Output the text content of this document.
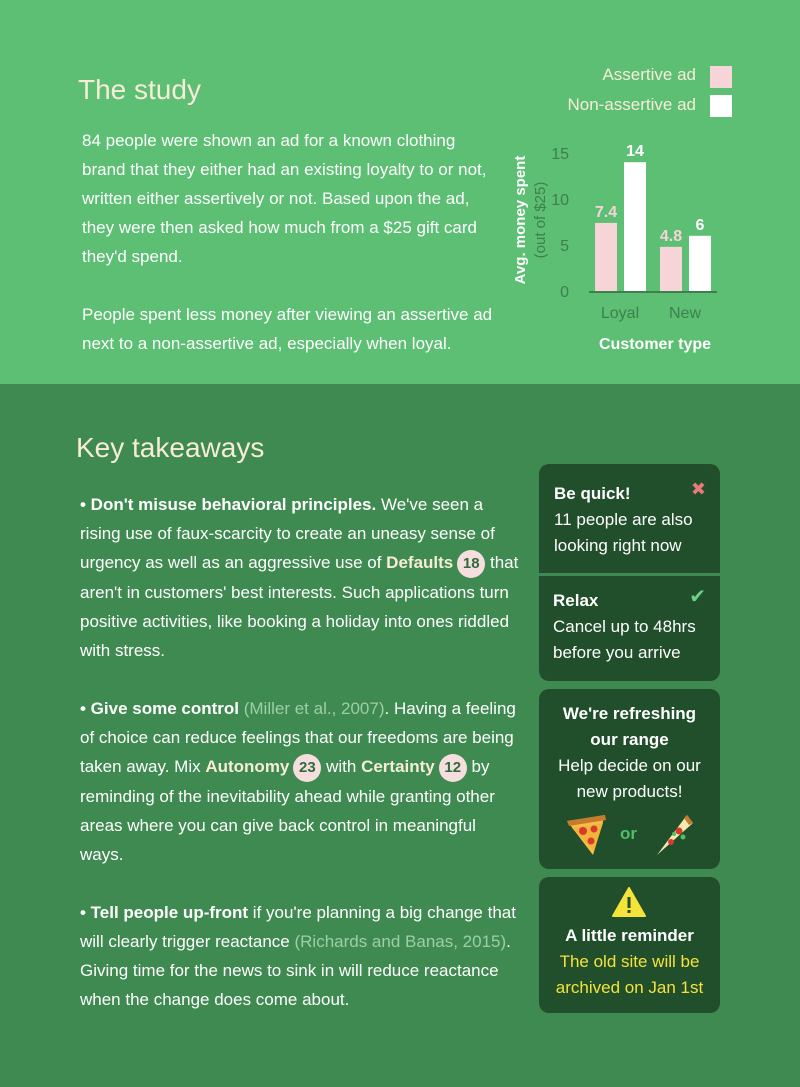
The study

84 people were shown an ad for a known clothing brand that they either had an existing loyalty to or not, written either assertively or not. Based upon the ad, they were then asked how much from a $25 gift card they'd spend.

People spent less money after viewing an assertive ad next to a non-assertive ad, especially when loyal.

Assertive ad
Non-assertive ad
0
5
10
15
7.4
14
Loyal
4.8
6
New
Customer type
Avg. money spent (out of $25)
Key takeaways

• Don't misuse behavioral principles. We've seen a rising use of faux-scarcity to create an uneasy sense of urgency as well as an aggressive use of Defaults 18 that aren't in customers' best interests. Such applications turn positive activities, like booking a holiday into ones riddled with stress.

• Give some control (Miller et al., 2007). Having a feeling of choice can reduce feelings that our freedoms are being taken away. Mix Autonomy 23 with Certainty 12 by reminding of the inevitability ahead while granting other areas where you can give back control in meaningful ways.

• Tell people up-front if you're planning a big change that will clearly trigger reactance (Richards and Banas, 2015). Giving time for the news to sink in will reduce reactance when the change does come about.

Be quick!
11 people are also looking right now
✖
Relax
Cancel up to 48hrs before you arrive
✔
We're refreshing our range
Help decide on our new products!
or
A little reminder
The old site will be archived on Jan 1st
